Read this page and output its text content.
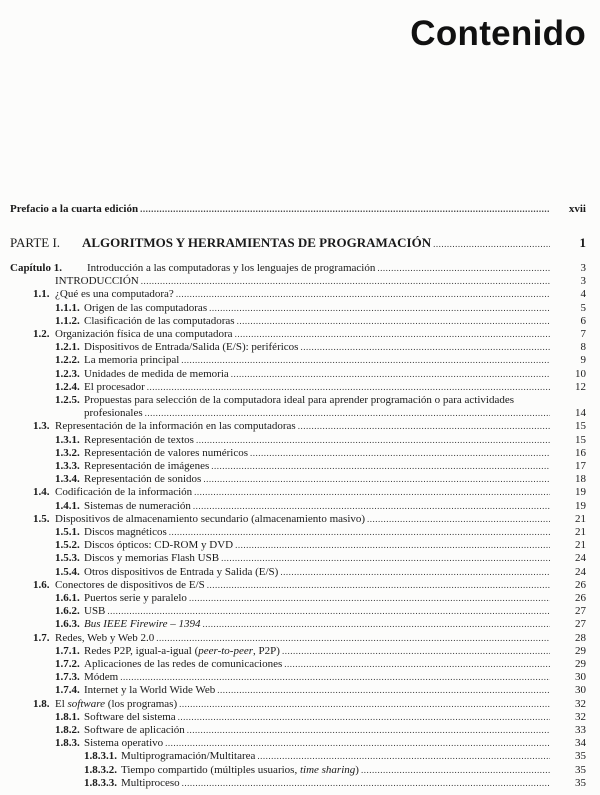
Contenido
Prefacio a la cuarta edición .....	xvii
PARTE I.	ALGORITMOS Y HERRAMIENTAS DE PROGRAMACIÓN .....	1
Capítulo 1. Introducción a las computadoras y los lenguajes de programación .....	3
INTRODUCCIÓN .....	3
1.1. ¿Qué es una computadora? .....	4
1.1.1. Origen de las computadoras .....	5
1.1.2. Clasificación de las computadoras .....	6
1.2. Organización física de una computadora .....	7
1.2.1. Dispositivos de Entrada/Salida (E/S): periféricos .....	8
1.2.2. La memoria principal .....	9
1.2.3. Unidades de medida de memoria .....	10
1.2.4. El procesador .....	12
1.2.5. Propuestas para selección de la computadora ideal para aprender programación o para actividades
profesionales .....	14
1.3. Representación de la información en las computadoras .....	15
1.3.1. Representación de textos .....	15
1.3.2. Representación de valores numéricos .....	16
1.3.3. Representación de imágenes .....	17
1.3.4. Representación de sonidos .....	18
1.4. Codificación de la información .....	19
1.4.1. Sistemas de numeración .....	19
1.5. Dispositivos de almacenamiento secundario (almacenamiento masivo) .....	21
1.5.1. Discos magnéticos .....	21
1.5.2. Discos ópticos: CD-ROM y DVD .....	21
1.5.3. Discos y memorias Flash USB .....	24
1.5.4. Otros dispositivos de Entrada y Salida (E/S) .....	24
1.6. Conectores de dispositivos de E/S .....	26
1.6.1. Puertos serie y paralelo .....	26
1.6.2. USB .....	27
1.6.3. Bus IEEE Firewire – 1394 .....	27
1.7. Redes, Web y Web 2.0 .....	28
1.7.1. Redes P2P, igual-a-igual (peer-to-peer, P2P) .....	29
1.7.2. Aplicaciones de las redes de comunicaciones .....	29
1.7.3. Módem .....	30
1.7.4. Internet y la World Wide Web .....	30
1.8. El software (los programas) .....	32
1.8.1. Software del sistema .....	32
1.8.2. Software de aplicación .....	33
1.8.3. Sistema operativo .....	34
1.8.3.1. Multiprogramación/Multitarea .....	35
1.8.3.2. Tiempo compartido (múltiples usuarios, time sharing) .....	35
1.8.3.3. Multiproceso .....	35
